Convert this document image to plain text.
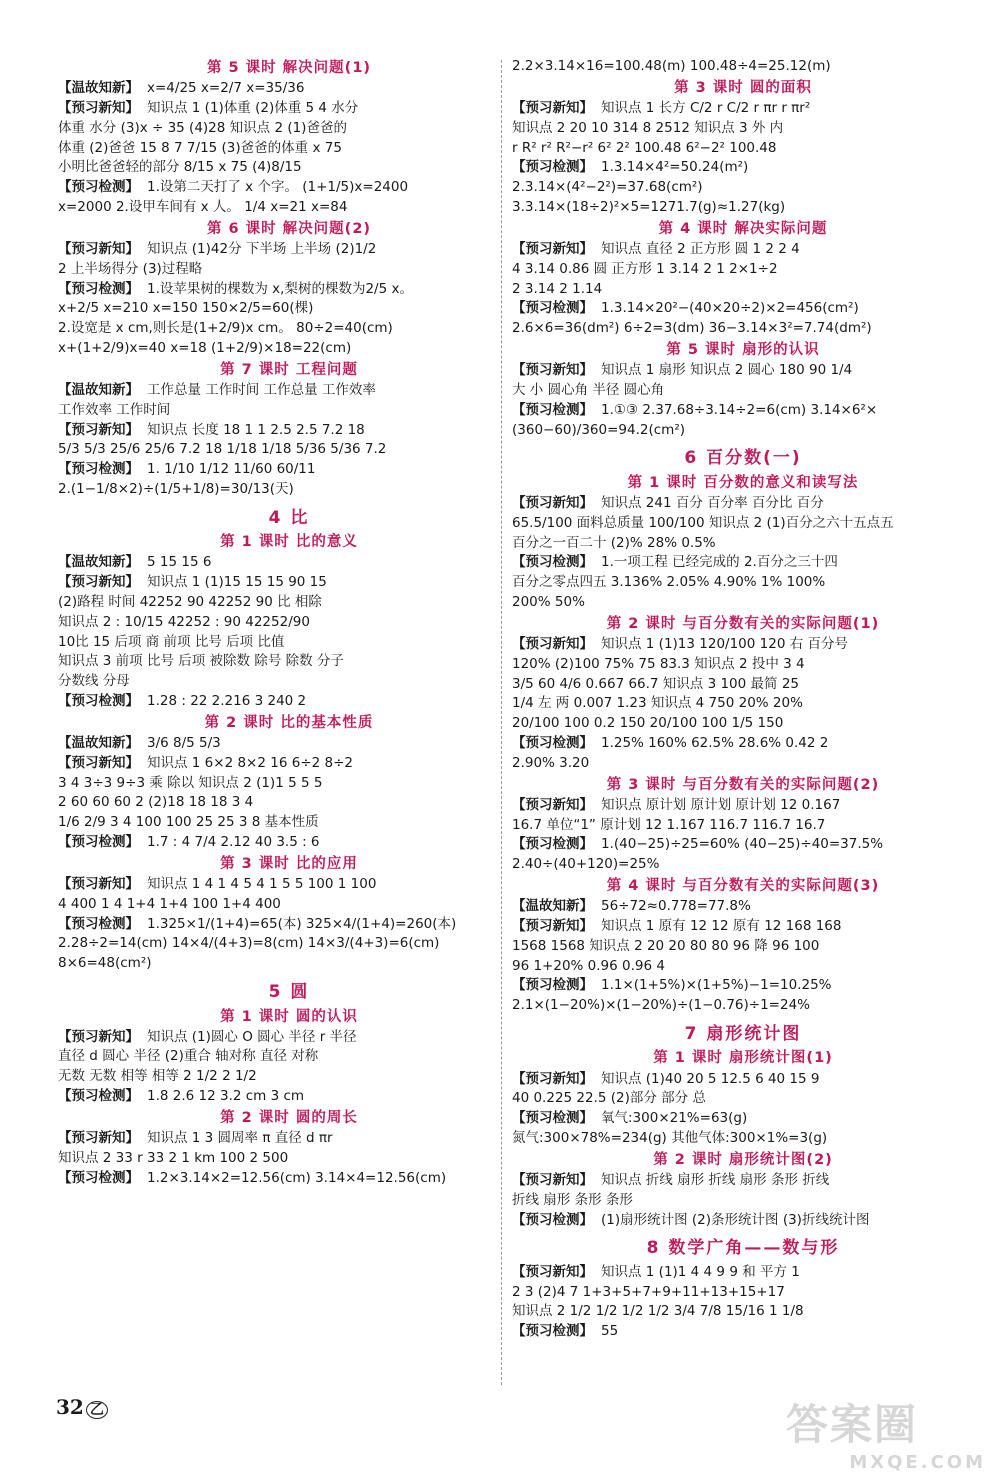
第 5 课时 解决问题(1)
【温故知新】 x=4/25 x=2/7 x=35/36
【预习新知】 知识点 1 (1)体重 (2)体重 5 4 水分
体重 水分 (3)x ÷ 35 (4)28 知识点 2 (1)爸爸的
体重 (2)爸爸 15 8 7 7/15 (3)爸爸的体重 x 75
小明比爸爸轻的部分 8/15 x 75 (4)8/15
【预习检测】 1.设第二天打了 x 个字。 (1+1/5)x=2400
x=2000 2.设甲车间有 x 人。 1/4 x=21 x=84
第 6 课时 解决问题(2)
【预习新知】 知识点 (1)42分 下半场 上半场 (2)1/2
2 上半场得分 (3)过程略
【预习检测】 1.设苹果树的棵数为 x,梨树的棵数为2/5 x。
x+2/5 x=210 x=150 150×2/5=60(棵)
2.设宽是 x cm,则长是(1+2/9)x cm。 80÷2=40(cm)
x+(1+2/9)x=40 x=18 (1+2/9)×18=22(cm)
第 7 课时 工程问题
【温故知新】 工作总量 工作时间 工作总量 工作效率
工作效率 工作时间
【预习新知】 知识点 长度 18 1 1 2.5 2.5 7.2 18
5/3 5/3 25/6 25/6 7.2 18 1/18 1/18 5/36 5/36 7.2
【预习检测】 1. 1/10 1/12 11/60 60/11
2.(1−1/8×2)÷(1/5+1/8)=30/13(天)
4 比
第 1 课时 比的意义
【温故知新】 5 15 15 6
【预习新知】 知识点 1 (1)15 15 15 90 15
(2)路程 时间 42252 90 42252 90 比 相除
知识点 2 : 10/15 42252 : 90 42252/90
10比 15 后项 商 前项 比号 后项 比值
知识点 3 前项 比号 后项 被除数 除号 除数 分子
分数线 分母
【预习检测】 1.28 : 22 2.216 3 240 2
第 2 课时 比的基本性质
【温故知新】 3/6 8/5 5/3
【预习新知】 知识点 1 6×2 8×2 16 6÷2 8÷2
3 4 3÷3 9÷3 乘 除以 知识点 2 (1)1 5 5 5
2 60 60 60 2 (2)18 18 18 3 4
1/6 2/9 3 4 100 100 25 25 3 8 基本性质
【预习检测】 1.7 : 4 7/4 2.12 40 3.5 : 6
第 3 课时 比的应用
【预习新知】 知识点 1 4 1 4 5 4 1 5 5 100 1 100
4 400 1 4 1+4 1+4 100 1+4 400
【预习检测】 1.325×1/(1+4)=65(本) 325×4/(1+4)=260(本)
2.28÷2=14(cm) 14×4/(4+3)=8(cm) 14×3/(4+3)=6(cm)
8×6=48(cm²)
5 圆
第 1 课时 圆的认识
【预习新知】 知识点 (1)圆心 O 圆心 半径 r 半径
直径 d 圆心 半径 (2)重合 轴对称 直径 对称
无数 无数 相等 相等 2 1/2 2 1/2
【预习检测】 1.8 2.6 12 3.2 cm 3 cm
第 2 课时 圆的周长
【预习新知】 知识点 1 3 圆周率 π 直径 d πr
知识点 2 33 r 33 2 1 km 100 2 500
【预习检测】 1.2×3.14×2=12.56(cm) 3.14×4=12.56(cm)
2.2×3.14×16=100.48(m) 100.48÷4=25.12(m)
第 3 课时 圆的面积
【预习新知】 知识点 1 长方 C/2 r C/2 r πr r πr²
知识点 2 20 10 314 8 2512 知识点 3 外 内
r R² r² R²−r² 6² 2² 100.48 6²−2² 100.48
【预习检测】 1.3.14×4²=50.24(m²)
2.3.14×(4²−2²)=37.68(cm²)
3.3.14×(18÷2)²×5=1271.7(g)≈1.27(kg)
第 4 课时 解决实际问题
【预习新知】 知识点 直径 2 正方形 圆 1 2 2 4
4 3.14 0.86 圆 正方形 1 3.14 2 1 2×1÷2
2 3.14 2 1.14
【预习检测】 1.3.14×20²−(40×20÷2)×2=456(cm²)
2.6×6=36(dm²) 6÷2=3(dm) 36−3.14×3²=7.74(dm²)
第 5 课时 扇形的认识
【预习新知】 知识点 1 扇形 知识点 2 圆心 180 90 1/4
大 小 圆心角 半径 圆心角
【预习检测】 1.①③ 2.37.68÷3.14÷2=6(cm) 3.14×6²×
(360−60)/360=94.2(cm²)
6 百分数(一)
第 1 课时 百分数的意义和读写法
【预习新知】 知识点 241 百分 百分率 百分比 百分
65.5/100 面料总质量 100/100 知识点 2 (1)百分之六十五点五
百分之一百二十 (2)% 28% 0.5%
【预习检测】 1.一项工程 已经完成的 2.百分之三十四
百分之零点四五 3.136% 2.05% 4.90% 1% 100%
200% 50%
第 2 课时 与百分数有关的实际问题(1)
【预习新知】 知识点 1 (1)13 120/100 120 右 百分号
120% (2)100 75% 75 83.3 知识点 2 投中 3 4
3/5 60 4/6 0.667 66.7 知识点 3 100 最简 25
1/4 左 两 0.007 1.23 知识点 4 750 20% 20%
20/100 100 0.2 150 20/100 100 1/5 150
【预习检测】 1.25% 160% 62.5% 28.6% 0.42 2
2.90% 3.20
第 3 课时 与百分数有关的实际问题(2)
【预习新知】 知识点 原计划 原计划 原计划 12 0.167
16.7 单位“1” 原计划 12 1.167 116.7 116.7 16.7
【预习检测】 1.(40−25)÷25=60% (40−25)÷40=37.5%
2.40÷(40+120)=25%
第 4 课时 与百分数有关的实际问题(3)
【温故知新】 56÷72≈0.778=77.8%
【预习新知】 知识点 1 原有 12 12 原有 12 168 168
1568 1568 知识点 2 20 20 80 80 96 降 96 100
96 1+20% 0.96 0.96 4
【预习检测】 1.1×(1+5%)×(1+5%)−1=10.25%
2.1×(1−20%)×(1−20%)÷(1−0.76)÷1=24%
7 扇形统计图
第 1 课时 扇形统计图(1)
【预习新知】 知识点 (1)40 20 5 12.5 6 40 15 9
40 0.225 22.5 (2)部分 部分 总
【预习检测】 氧气:300×21%=63(g)
氮气:300×78%=234(g) 其他气体:300×1%=3(g)
第 2 课时 扇形统计图(2)
【预习新知】 知识点 折线 扇形 折线 扇形 条形 折线
折线 扇形 条形 条形
【预习检测】 (1)扇形统计图 (2)条形统计图 (3)折线统计图
8 数学广角——数与形
【预习新知】 知识点 1 (1)1 4 4 9 9 和 平方 1
2 3 (2)4 7 1+3+5+7+9+11+13+15+17
知识点 2 1/2 1/2 1/2 1/2 3/4 7/8 15/16 1 1/8
【预习检测】 55
32 乙	答案圈
MXQE.COM
